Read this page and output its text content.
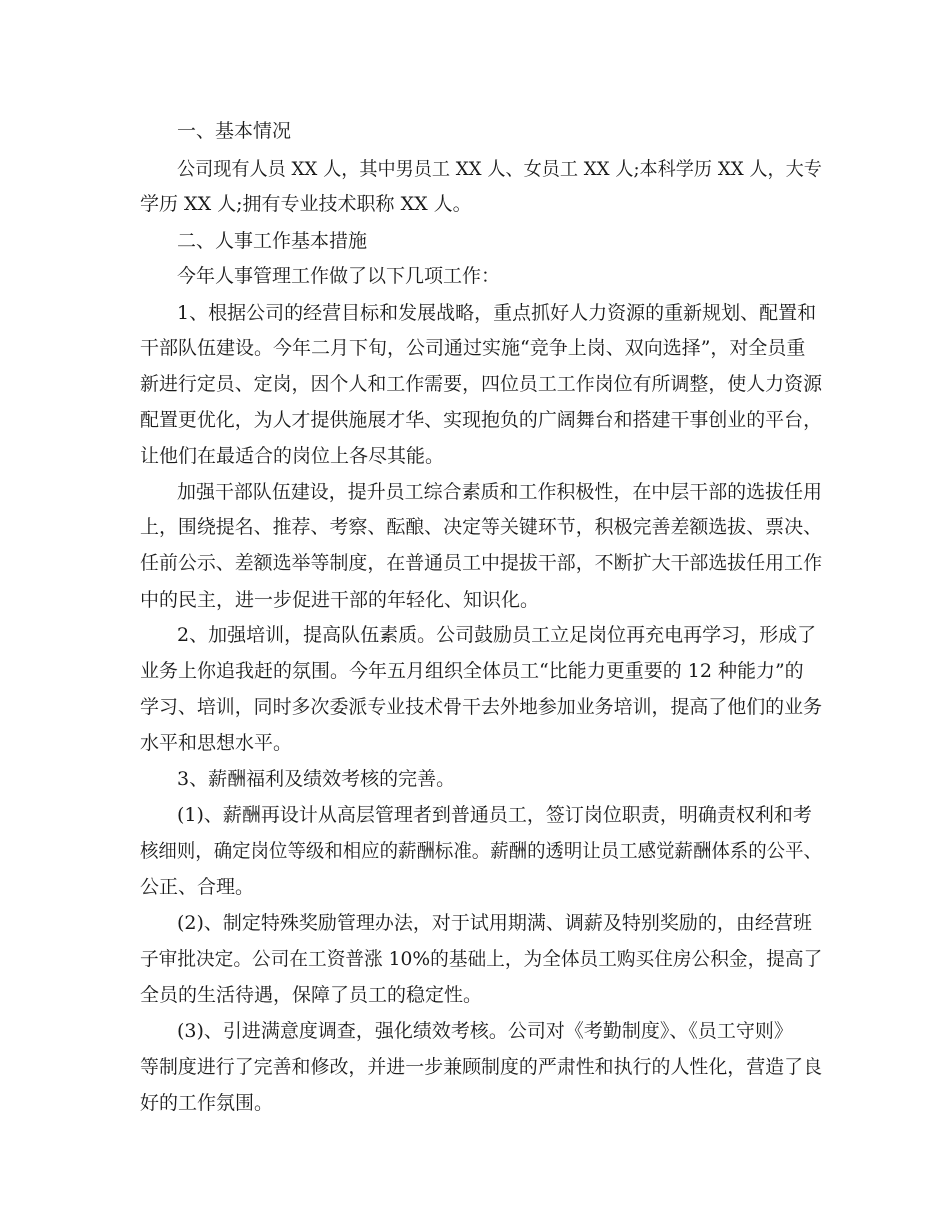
一、基本情况

公司现有人员 XX 人，其中男员工 XX 人、女员工 XX 人;本科学历 XX 人，大专

学历 XX 人;拥有专业技术职称 XX 人。

二、人事工作基本措施

今年人事管理工作做了以下几项工作：

1、根据公司的经营目标和发展战略，重点抓好人力资源的重新规划、配置和

干部队伍建设。今年二月下旬，公司通过实施“竞争上岗、双向选择”，对全员重

新进行定员、定岗，因个人和工作需要，四位员工工作岗位有所调整，使人力资源

配置更优化，为人才提供施展才华、实现抱负的广阔舞台和搭建干事创业的平台，

让他们在最适合的岗位上各尽其能。

加强干部队伍建设，提升员工综合素质和工作积极性，在中层干部的选拔任用

上，围绕提名、推荐、考察、酝酿、决定等关键环节，积极完善差额选拔、票决、

任前公示、差额选举等制度，在普通员工中提拔干部，不断扩大干部选拔任用工作

中的民主，进一步促进干部的年轻化、知识化。

2、加强培训，提高队伍素质。公司鼓励员工立足岗位再充电再学习，形成了

业务上你追我赶的氛围。今年五月组织全体员工“比能力更重要的 12 种能力”的

学习、培训，同时多次委派专业技术骨干去外地参加业务培训，提高了他们的业务

水平和思想水平。

3、薪酬福利及绩效考核的完善。

(1)、薪酬再设计从高层管理者到普通员工，签订岗位职责，明确责权利和考

核细则，确定岗位等级和相应的薪酬标准。薪酬的透明让员工感觉薪酬体系的公平、

公正、合理。

(2)、制定特殊奖励管理办法，对于试用期满、调薪及特别奖励的，由经营班

子审批决定。公司在工资普涨 10%的基础上，为全体员工购买住房公积金，提高了

全员的生活待遇，保障了员工的稳定性。

(3)、引进满意度调查，强化绩效考核。公司对《考勤制度》、《员工守则》

等制度进行了完善和修改，并进一步兼顾制度的严肃性和执行的人性化，营造了良

好的工作氛围。
